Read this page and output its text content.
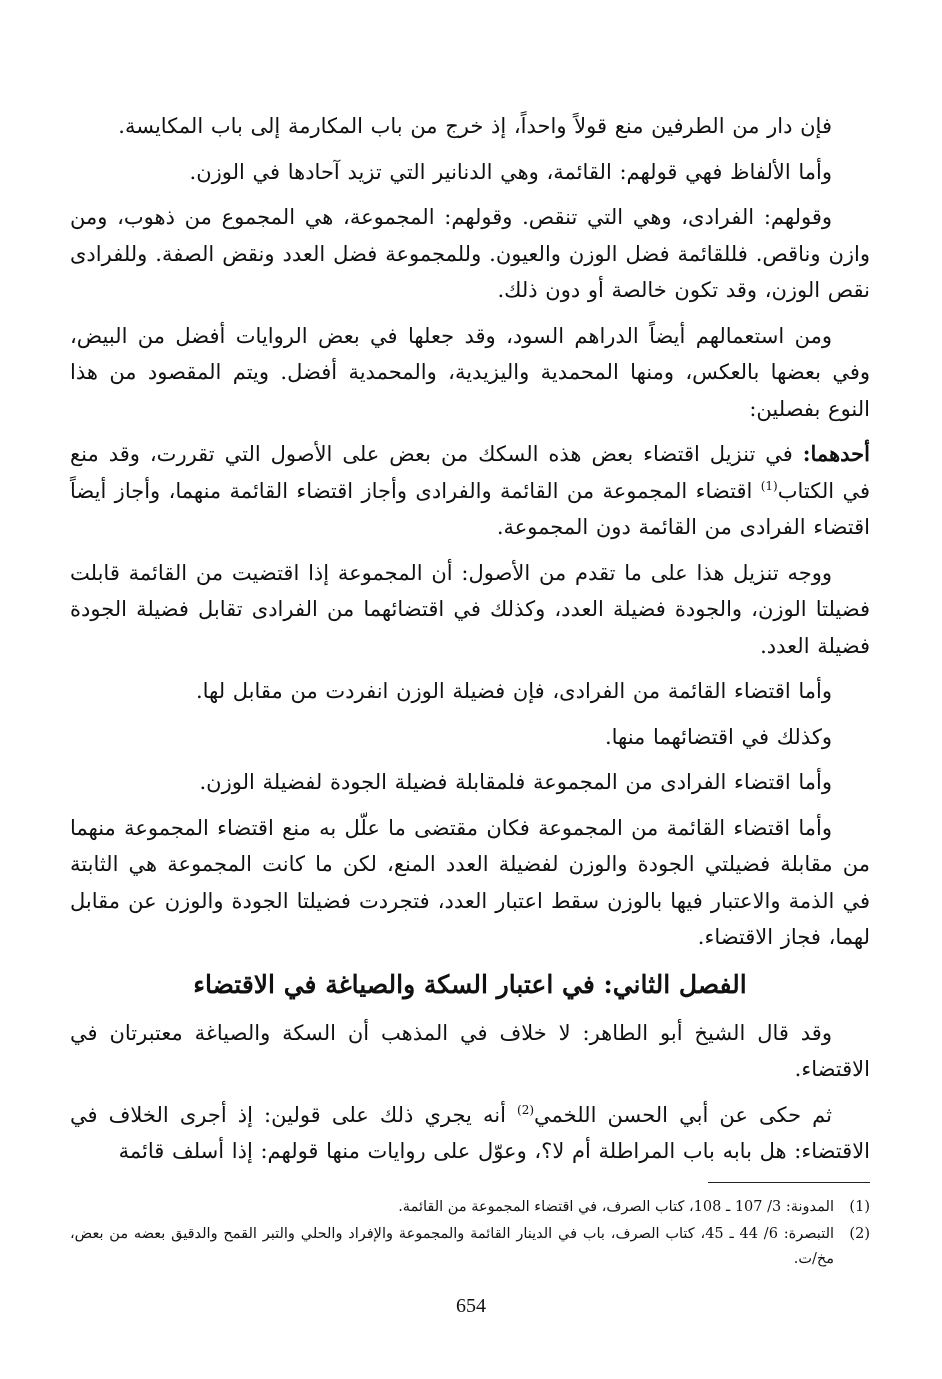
فإن دار من الطرفين منع قولاً واحداً، إذ خرج من باب المكارمة إلى باب المكايسة.

وأما الألفاظ فهي قولهم: القائمة، وهي الدنانير التي تزيد آحادها في الوزن.

وقولهم: الفرادى، وهي التي تنقص. وقولهم: المجموعة، هي المجموع من ذهوب، ومن وازن وناقص. فللقائمة فضل الوزن والعيون. وللمجموعة فضل العدد ونقض الصفة. وللفرادى نقص الوزن، وقد تكون خالصة أو دون ذلك.

ومن استعمالهم أيضاً الدراهم السود، وقد جعلها في بعض الروايات أفضل من البيض، وفي بعضها بالعكس، ومنها المحمدية واليزيدية، والمحمدية أفضل. ويتم المقصود من هذا النوع بفصلين:

أحدهما: في تنزيل اقتضاء بعض هذه السكك من بعض على الأصول التي تقررت، وقد منع في الكتاب$^{(1)}$ اقتضاء المجموعة من القائمة والفرادى وأجاز اقتضاء القائمة منهما، وأجاز أيضاً اقتضاء الفرادى من القائمة دون المجموعة.

ووجه تنزيل هذا على ما تقدم من الأصول: أن المجموعة إذا اقتضيت من القائمة قابلت فضيلتا الوزن، والجودة فضيلة العدد، وكذلك في اقتضائهما من الفرادى تقابل فضيلة الجودة فضيلة العدد.

وأما اقتضاء القائمة من الفرادى، فإن فضيلة الوزن انفردت من مقابل لها.

وكذلك في اقتضائهما منها.

وأما اقتضاء الفرادى من المجموعة فلمقابلة فضيلة الجودة لفضيلة الوزن.

وأما اقتضاء القائمة من المجموعة فكان مقتضى ما علّل به منع اقتضاء المجموعة منهما من مقابلة فضيلتي الجودة والوزن لفضيلة العدد المنع، لكن ما كانت المجموعة هي الثابتة في الذمة والاعتبار فيها بالوزن سقط اعتبار العدد، فتجردت فضيلتا الجودة والوزن عن مقابل لهما، فجاز الاقتضاء.

الفصل الثاني: في اعتبار السكة والصياغة في الاقتضاء

وقد قال الشيخ أبو الطاهر: لا خلاف في المذهب أن السكة والصياغة معتبرتان في الاقتضاء.

ثم حكى عن أبي الحسن اللخمي$^{(2)}$ أنه يجري ذلك على قولين: إذ أجرى الخلاف في الاقتضاء: هل بابه باب المراطلة أم لا؟، وعوّل على روايات منها قولهم: إذا أسلف قائمة

(1)
المدونة: 3/ 107 ـ 108، كتاب الصرف، في اقتضاء المجموعة من القائمة.
(2)
التبصرة: 6/ 44 ـ 45، كتاب الصرف، باب في الدينار القائمة والمجموعة والإفراد والحلي والتبر القمح والدقيق بعضه من بعض، مخ/ت.
654
